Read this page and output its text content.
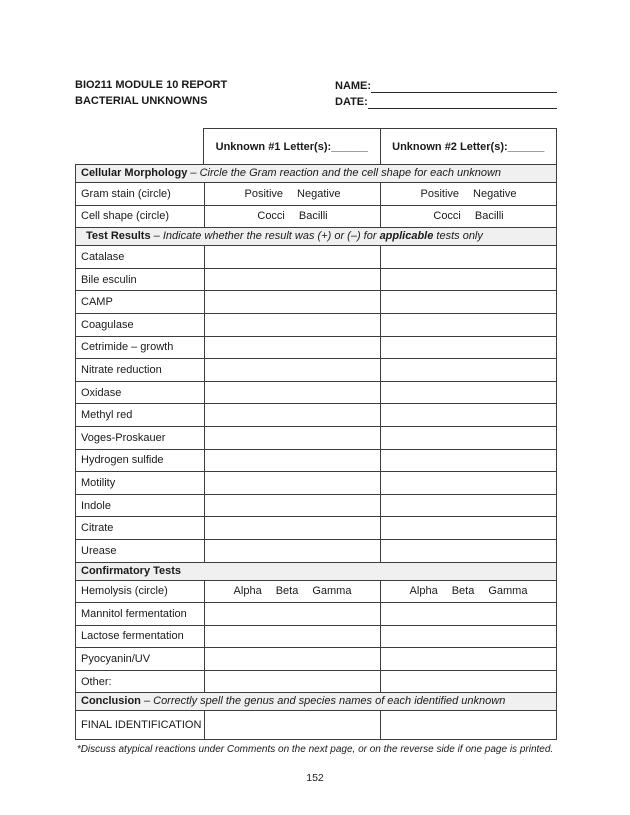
BIO211 MODULE 10 REPORT
BACTERIAL UNKNOWNS
NAME:
DATE:
Unknown #1 Letter(s):______	Unknown #2 Letter(s):______
Cellular Morphology – Circle the Gram reaction and the cell shape for each unknown
Gram stain (circle)	Positive Negative	Positive Negative
Cell shape (circle)	Cocci Bacilli	Cocci Bacilli
Test Results – Indicate whether the result was (+) or (–) for applicable tests only
Catalase
Bile esculin
CAMP
Coagulase
Cetrimide – growth
Nitrate reduction
Oxidase
Methyl red
Voges-Proskauer
Hydrogen sulfide
Motility
Indole
Citrate
Urease
Confirmatory Tests
Hemolysis (circle)	Alpha Beta Gamma	Alpha Beta Gamma
Mannitol fermentation
Lactose fermentation
Pyocyanin/UV
Other:
Conclusion – Correctly spell the genus and species names of each identified unknown
FINAL IDENTIFICATION
*Discuss atypical reactions under Comments on the next page, or on the reverse side if one page is printed.
152
